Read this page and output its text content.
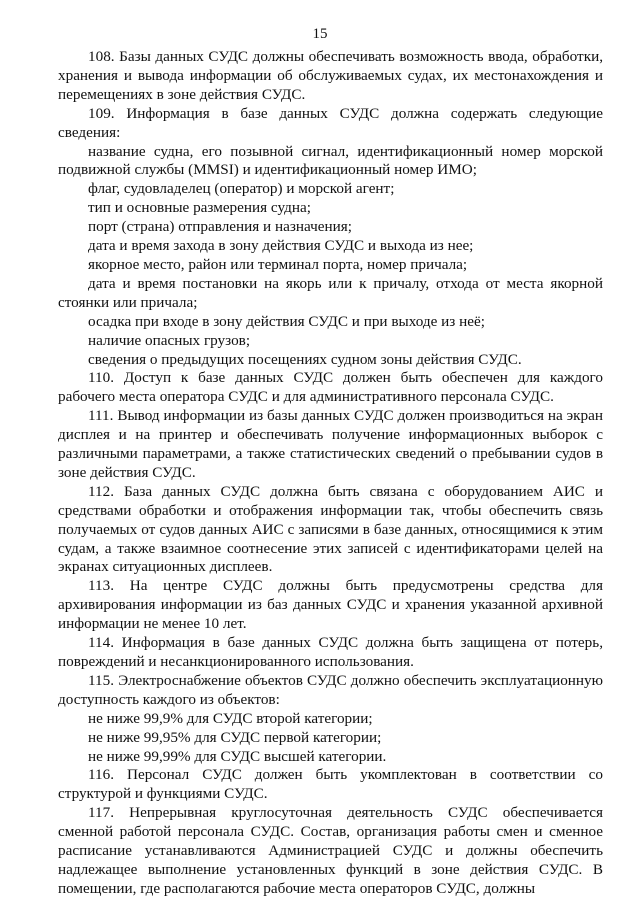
15

108. Базы данных СУДС должны обеспечивать возможность ввода, обработки, хранения и вывода информации об обслуживаемых судах, их местонахождения и перемещениях в зоне действия СУДС.

109. Информация в базе данных СУДС должна содержать следующие сведения:

название судна, его позывной сигнал, идентификационный номер морской подвижной службы (MMSI) и идентификационный номер ИМО;

флаг, судовладелец (оператор) и морской агент;

тип и основные размерения судна;

порт (страна) отправления и назначения;

дата и время захода в зону действия СУДС и выхода из нее;

якорное место, район или терминал порта, номер причала;

дата и время постановки на якорь или к причалу, отхода от места якорной стоянки или причала;

осадка при входе в зону действия СУДС и при выходе из неё;

наличие опасных грузов;

сведения о предыдущих посещениях судном зоны действия СУДС.

110. Доступ к базе данных СУДС должен быть обеспечен для каждого рабочего места оператора СУДС и для административного персонала СУДС.

111. Вывод информации из базы данных СУДС должен производиться на экран дисплея и на принтер и обеспечивать получение информационных выборок с различными параметрами, а также статистических сведений о пребывании судов в зоне действия СУДС.

112. База данных СУДС должна быть связана с оборудованием АИС и средствами обработки и отображения информации так, чтобы обеспечить связь получаемых от судов данных АИС с записями в базе данных, относящимися к этим судам, а также взаимное соотнесение этих записей с идентификаторами целей на экранах ситуационных дисплеев.

113. На центре СУДС должны быть предусмотрены средства для архивирования информации из баз данных СУДС и хранения указанной архивной информации не менее 10 лет.

114. Информация в базе данных СУДС должна быть защищена от потерь, повреждений и несанкционированного использования.

115. Электроснабжение объектов СУДС должно обеспечить эксплуатационную доступность каждого из объектов:

не ниже 99,9% для СУДС второй категории;

не ниже 99,95% для СУДС первой категории;

не ниже 99,99% для СУДС высшей категории.

116. Персонал СУДС должен быть укомплектован в соответствии со структурой и функциями СУДС.

117. Непрерывная круглосуточная деятельность СУДС обеспечивается сменной работой персонала СУДС. Состав, организация работы смен и сменное расписание устанавливаются Администрацией СУДС и должны обеспечить надлежащее выполнение установленных функций в зоне действия СУДС. В помещении, где располагаются рабочие места операторов СУДС, должны
